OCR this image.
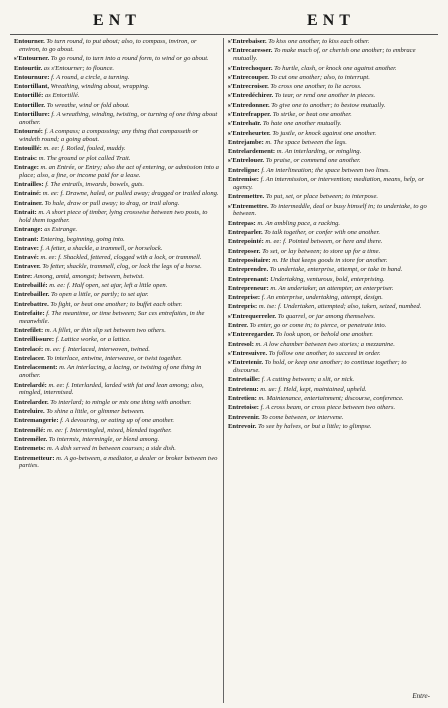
ENT	ENT

Entourner. To turn round, to put about; also, to compass, inviron, or environ, to go about.

s'Entourner. To go round, to turn into a round form, to wind or go about.

Entourtir. as s'Entourner; to flounce.

Entournure: f. A round, a circle, a turning.

Entortillant, Wreathing, winding about, wrapping.

Entortillé: as Entortillé.

Entortiller. To wreathe, wind or fold about.

Entortillure: f. A wreathing, winding, twisting, or turning of one thing about another.

Entourné: f. A compass; a compassing; any thing that compasseth or windeth round; a going about.

Entouillé: m. ee: f. Roiled, fouled, muddy.

Entrais: m. The ground or plot called Trait.

Entrage: m. an Entrée, or Entry; also the act of entering, or admission into a place; also, a fine, or income paid for a lease.

Entrailles: f. The entrails, inwards, bowels, guts.

Entrainé: m. ee: f. Drawne, haled, or pulled away; dragged or trailed along.

Entrainer. To hale, draw or pull away; to drag, or trail along.

Entrait: m. A short piece of timber, lying crosswise between two posts, to hold them together.

Entrange: as Estrange.

Entrant: Entering, beginning, going into.

Entrave: f. A fetter, a shackle, a trammell, or horselock.

Entravé: m. ee: f. Shackled, fettered, clogged with a lock, or trammell.

Entraver. To fetter, shackle, trammell, clog, or lock the legs of a horse.

Entre: Among, amid, amongst; between, betwixt.

Entrebaillé: m. ee: f. Half open, set ajar, left a little open.

Entrebailler. To open a little, or partly; to set ajar.

Entrebattre. To fight, or beat one another; to buffet each other.

Entrefaite: f. The meantime, or time between; Sur ces entrefaites, in the meanwhile.

Entrefilet: m. A fillet, or thin slip set between two others.

Entreillissure: f. Lattice worke, or a lattice.

Entrelacé: m. ee: f. Interlaced, interwoven, twined.

Entrelacer. To interlace, entwine, interweave, or twist together.

Entrelacement: m. An interlacing, a lacing, or twisting of one thing in another.

Entrelardé: m. ee: f. Interlarded, larded with fat and lean among; also, mingled, intermixed.

Entrelarder. To interlard; to mingle or mix one thing with another.

Entreluire. To shine a little, or glimmer between.

Entremangerie: f. A devouring, or eating up of one another.

Entremêlé: m. ee: f. Intermingled, mixed, blended together.

Entremêler. To intermix, intermingle, or blend among.

Entremets: m. A dish served in between courses; a side dish.

Entremetteur: m. A go-between, a mediator, a dealer or broker between two parties.

s'Entrebaiser. To kiss one another, to kiss each other.

s'Entrecaresser. To make much of, or cherish one another; to embrace mutually.

s'Entrechoquer. To hurtle, clash, or knock one against another.

s'Entrecouper. To cut one another; also, to interrupt.

s'Entrecroiser. To cross one another, to lie across.

s'Entredéchirer. To tear, or rend one another in pieces.

s'Entredonner. To give one to another; to bestow mutually.

s'Entrefrapper. To strike, or beat one another.

s'Entrehaïr. To hate one another mutually.

s'Entreheurter. To justle, or knock against one another.

Entrejambe: m. The space between the legs.

Entrelardement: m. An interlarding, or mingling.

s'Entrelouer. To praise, or commend one another.

Entreligne: f. An interlineation; the space between two lines.

Entremise: f. An intermission, or intervention; mediation, means, help, or agency.

Entremettre. To put, set, or place between; to interpose.

s'Entremettre. To intermeddle, deal or busy himself in; to undertake, to go between.

Entrepas: m. An ambling pace, a racking.

Entreparler. To talk together, or confer with one another.

Entrepointé: m. ee: f. Pointed between, or here and there.

Entreposer. To set, or lay between; to store up for a time.

Entrepositaire: m. He that keeps goods in store for another.

Entreprendre. To undertake, enterprise, attempt, or take in hand.

Entreprenant: Undertaking, venturous, bold, enterprising.

Entrepreneur: m. An undertaker, an attempter, an enterpriser.

Entreprise: f. An enterprise, undertaking, attempt, design.

Entrepris: m. ise: f. Undertaken, attempted; also, taken, seized, numbed.

s'Entrequerreler. To quarrel, or jar among themselves.

Entrer. To enter, go or come in; to pierce, or penetrate into.

s'Entreregarder. To look upon, or behold one another.

Entresol: m. A low chamber between two stories; a mezzanine.

s'Entresuivre. To follow one another, to succeed in order.

s'Entretenir. To hold, or keep one another; to continue together; to discourse.

Entretaille: f. A cutting between; a slit, or nick.

Entretenu: m. ue: f. Held, kept, maintained, upheld.

Entretien: m. Maintenance, entertainment; discourse, conference.

Entretoise: f. A cross beam, or cross piece between two others.

Entrevenir. To come between, or intervene.

Entrevoir. To see by halves, or but a little; to glimpse.

Entre-
